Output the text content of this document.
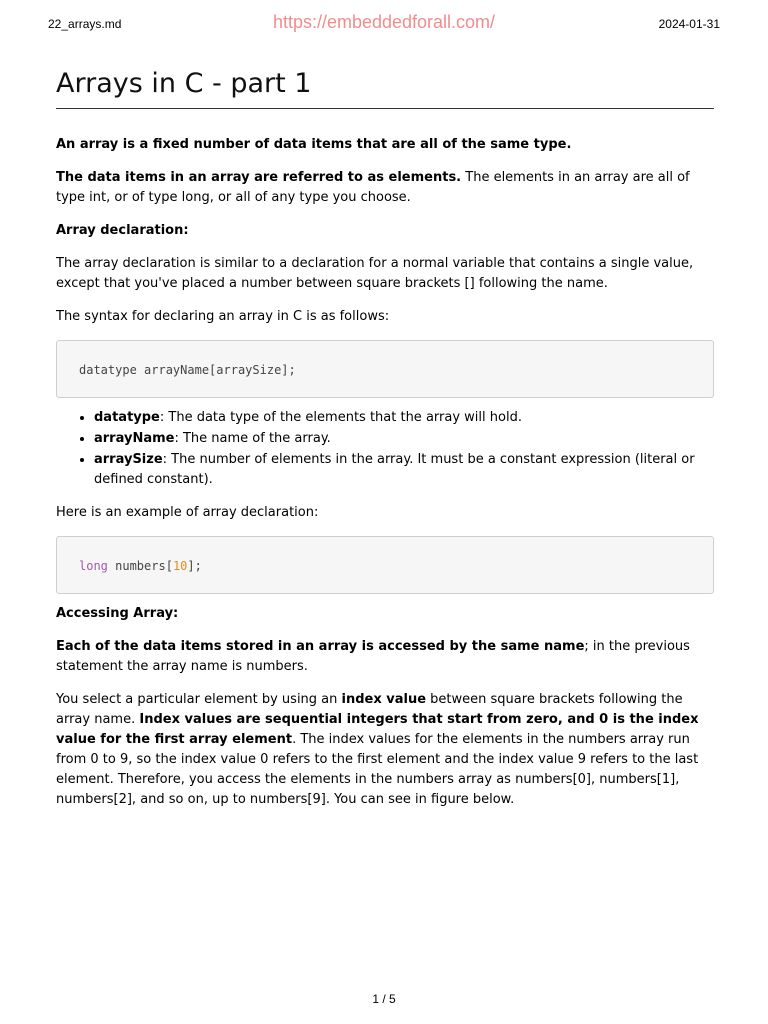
22_arrays.md	https://embeddedforall.com/	2024-01-31
Arrays in C - part 1

An array is a fixed number of data items that are all of the same type.

The data items in an array are referred to as elements. The elements in an array are all of type int, or of type long, or all of any type you choose.

Array declaration:

The array declaration is similar to a declaration for a normal variable that contains a single value, except that you've placed a number between square brackets [] following the name.

The syntax for declaring an array in C is as follows:

datatype arrayName[arraySize];
• datatype: The data type of the elements that the array will hold.
• arrayName: The name of the array.
• arraySize: The number of elements in the array. It must be a constant expression (literal or defined constant).

Here is an example of array declaration:

long numbers[10];

Accessing Array:

Each of the data items stored in an array is accessed by the same name; in the previous statement the array name is numbers.

You select a particular element by using an index value between square brackets following the array name. Index values are sequential integers that start from zero, and 0 is the index value for the first array element. The index values for the elements in the numbers array run from 0 to 9, so the index value 0 refers to the first element and the index value 9 refers to the last element. Therefore, you access the elements in the numbers array as numbers[0], numbers[1], numbers[2], and so on, up to numbers[9]. You can see in figure below.

1 / 5
